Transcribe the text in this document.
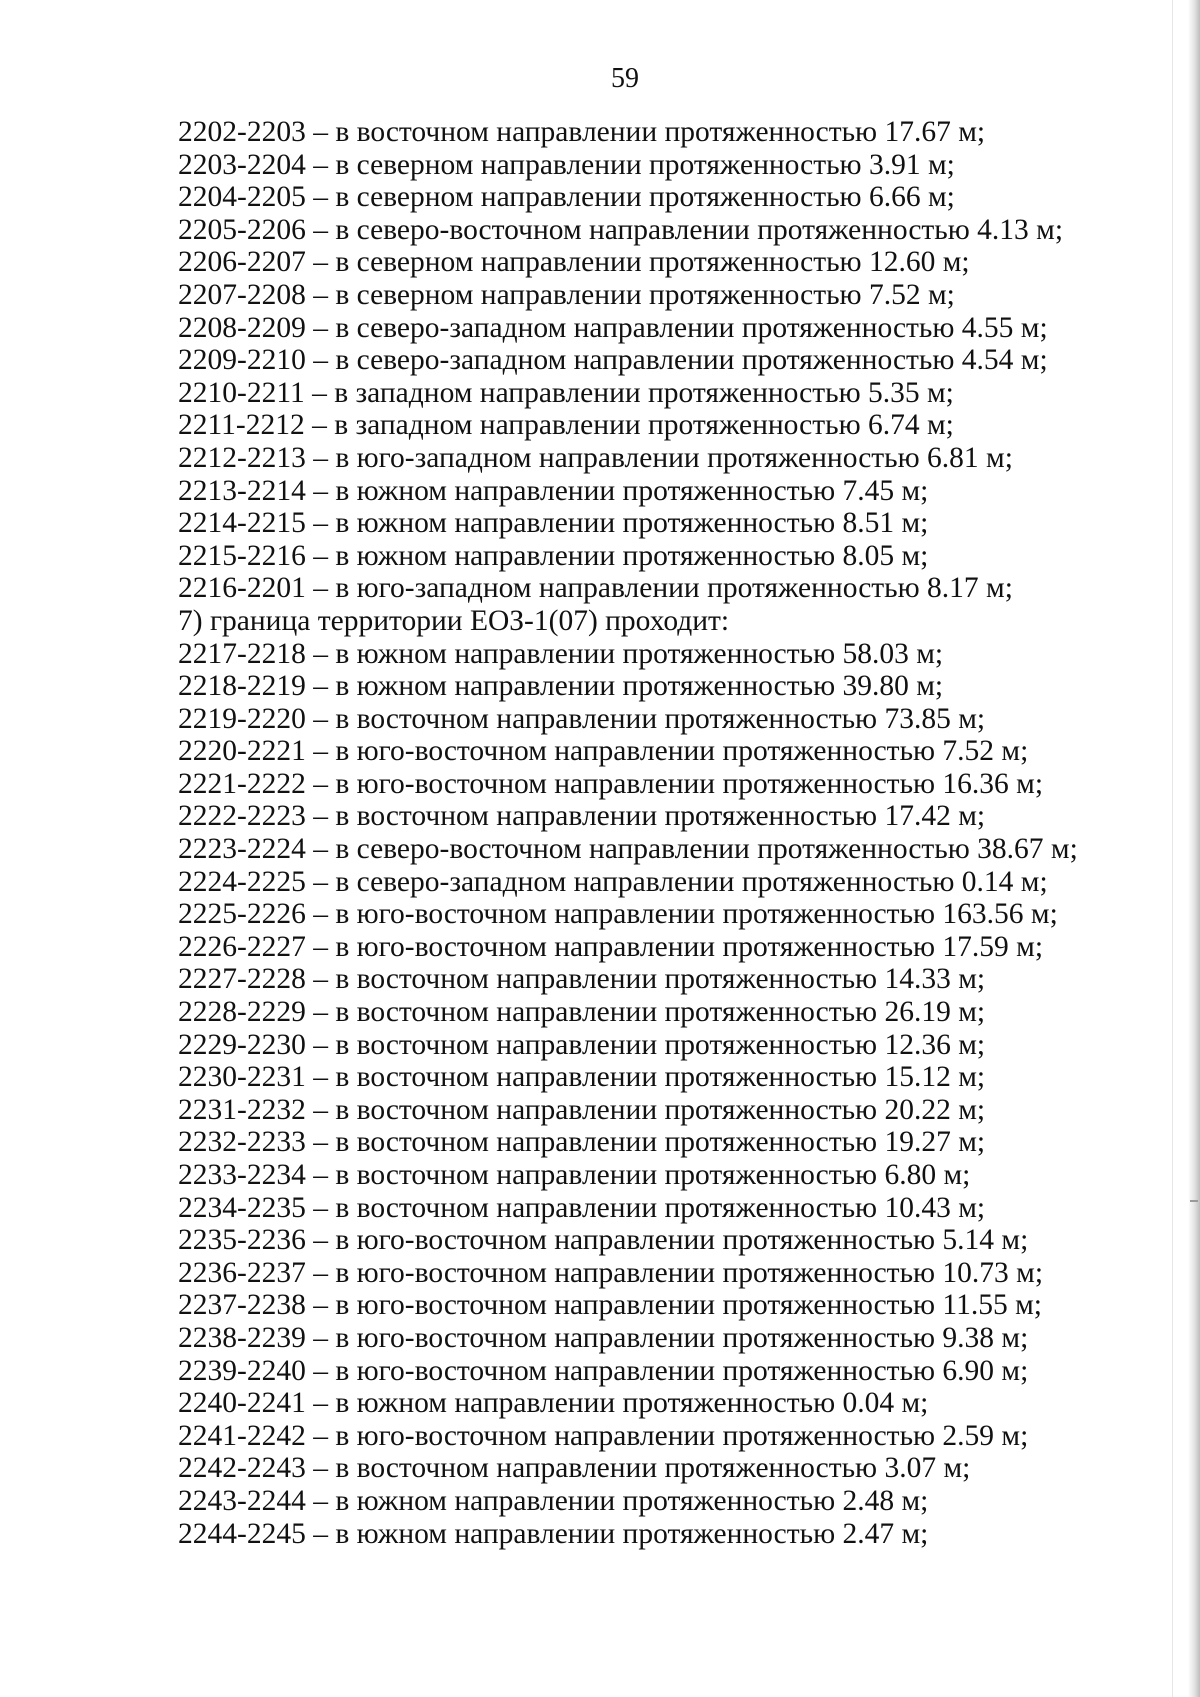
59
2202-2203 – в восточном направлении протяженностью 17.67 м;
2203-2204 – в северном направлении протяженностью 3.91 м;
2204-2205 – в северном направлении протяженностью 6.66 м;
2205-2206 – в северо-восточном направлении протяженностью 4.13 м;
2206-2207 – в северном направлении протяженностью 12.60 м;
2207-2208 – в северном направлении протяженностью 7.52 м;
2208-2209 – в северо-западном направлении протяженностью 4.55 м;
2209-2210 – в северо-западном направлении протяженностью 4.54 м;
2210-2211 – в западном направлении протяженностью 5.35 м;
2211-2212 – в западном направлении протяженностью 6.74 м;
2212-2213 – в юго-западном направлении протяженностью 6.81 м;
2213-2214 – в южном направлении протяженностью 7.45 м;
2214-2215 – в южном направлении протяженностью 8.51 м;
2215-2216 – в южном направлении протяженностью 8.05 м;
2216-2201 – в юго-западном направлении протяженностью 8.17 м;
7) граница территории ЕОЗ-1(07) проходит:
2217-2218 – в южном направлении протяженностью 58.03 м;
2218-2219 – в южном направлении протяженностью 39.80 м;
2219-2220 – в восточном направлении протяженностью 73.85 м;
2220-2221 – в юго-восточном направлении протяженностью 7.52 м;
2221-2222 – в юго-восточном направлении протяженностью 16.36 м;
2222-2223 – в восточном направлении протяженностью 17.42 м;
2223-2224 – в северо-восточном направлении протяженностью 38.67 м;
2224-2225 – в северо-западном направлении протяженностью 0.14 м;
2225-2226 – в юго-восточном направлении протяженностью 163.56 м;
2226-2227 – в юго-восточном направлении протяженностью 17.59 м;
2227-2228 – в восточном направлении протяженностью 14.33 м;
2228-2229 – в восточном направлении протяженностью 26.19 м;
2229-2230 – в восточном направлении протяженностью 12.36 м;
2230-2231 – в восточном направлении протяженностью 15.12 м;
2231-2232 – в восточном направлении протяженностью 20.22 м;
2232-2233 – в восточном направлении протяженностью 19.27 м;
2233-2234 – в восточном направлении протяженностью 6.80 м;
2234-2235 – в восточном направлении протяженностью 10.43 м;
2235-2236 – в юго-восточном направлении протяженностью 5.14 м;
2236-2237 – в юго-восточном направлении протяженностью 10.73 м;
2237-2238 – в юго-восточном направлении протяженностью 11.55 м;
2238-2239 – в юго-восточном направлении протяженностью 9.38 м;
2239-2240 – в юго-восточном направлении протяженностью 6.90 м;
2240-2241 – в южном направлении протяженностью 0.04 м;
2241-2242 – в юго-восточном направлении протяженностью 2.59 м;
2242-2243 – в восточном направлении протяженностью 3.07 м;
2243-2244 – в южном направлении протяженностью 2.48 м;
2244-2245 – в южном направлении протяженностью 2.47 м;
